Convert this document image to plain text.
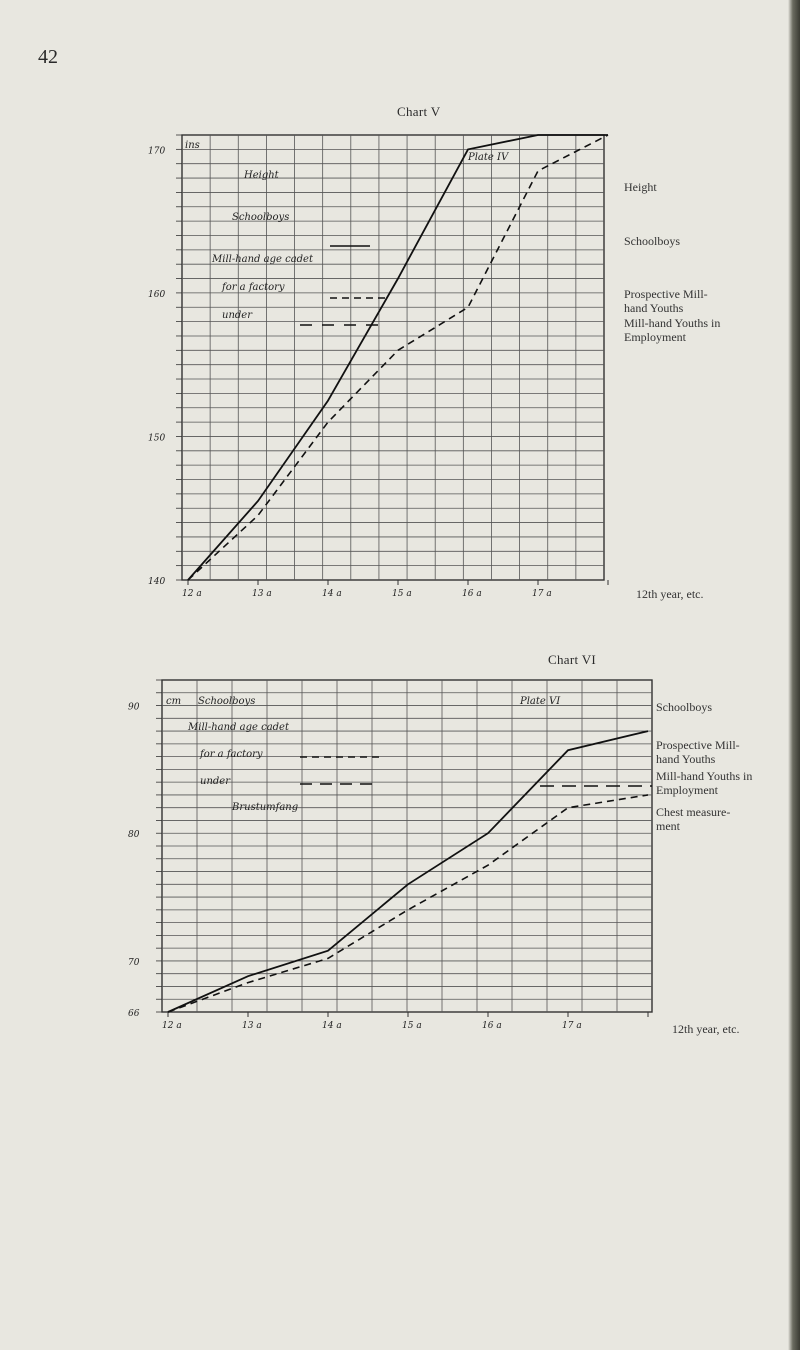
42
Chart V
Height
Schoolboys
Prospective Mill-hand Youths
Mill-hand Youths in Employment
12th year, etc.
Chart VI
Schoolboys
Prospective Mill-hand Youths
Mill-hand Youths in Employment
Chest measure-ment
12th year, etc.
170
160
150
140
12 a	13 a	14 a	15 a	16 a	17 a
Plate IV
Height
Schoolboys
Mill-hand age cadet
for a factory
under
ins
90
80
70
66
12 a	13 a	14 a	15 a	16 a	17 a
Plate VI
Schoolboys
Mill-hand age cadet
for a factory
under
Brustumfang
cm
